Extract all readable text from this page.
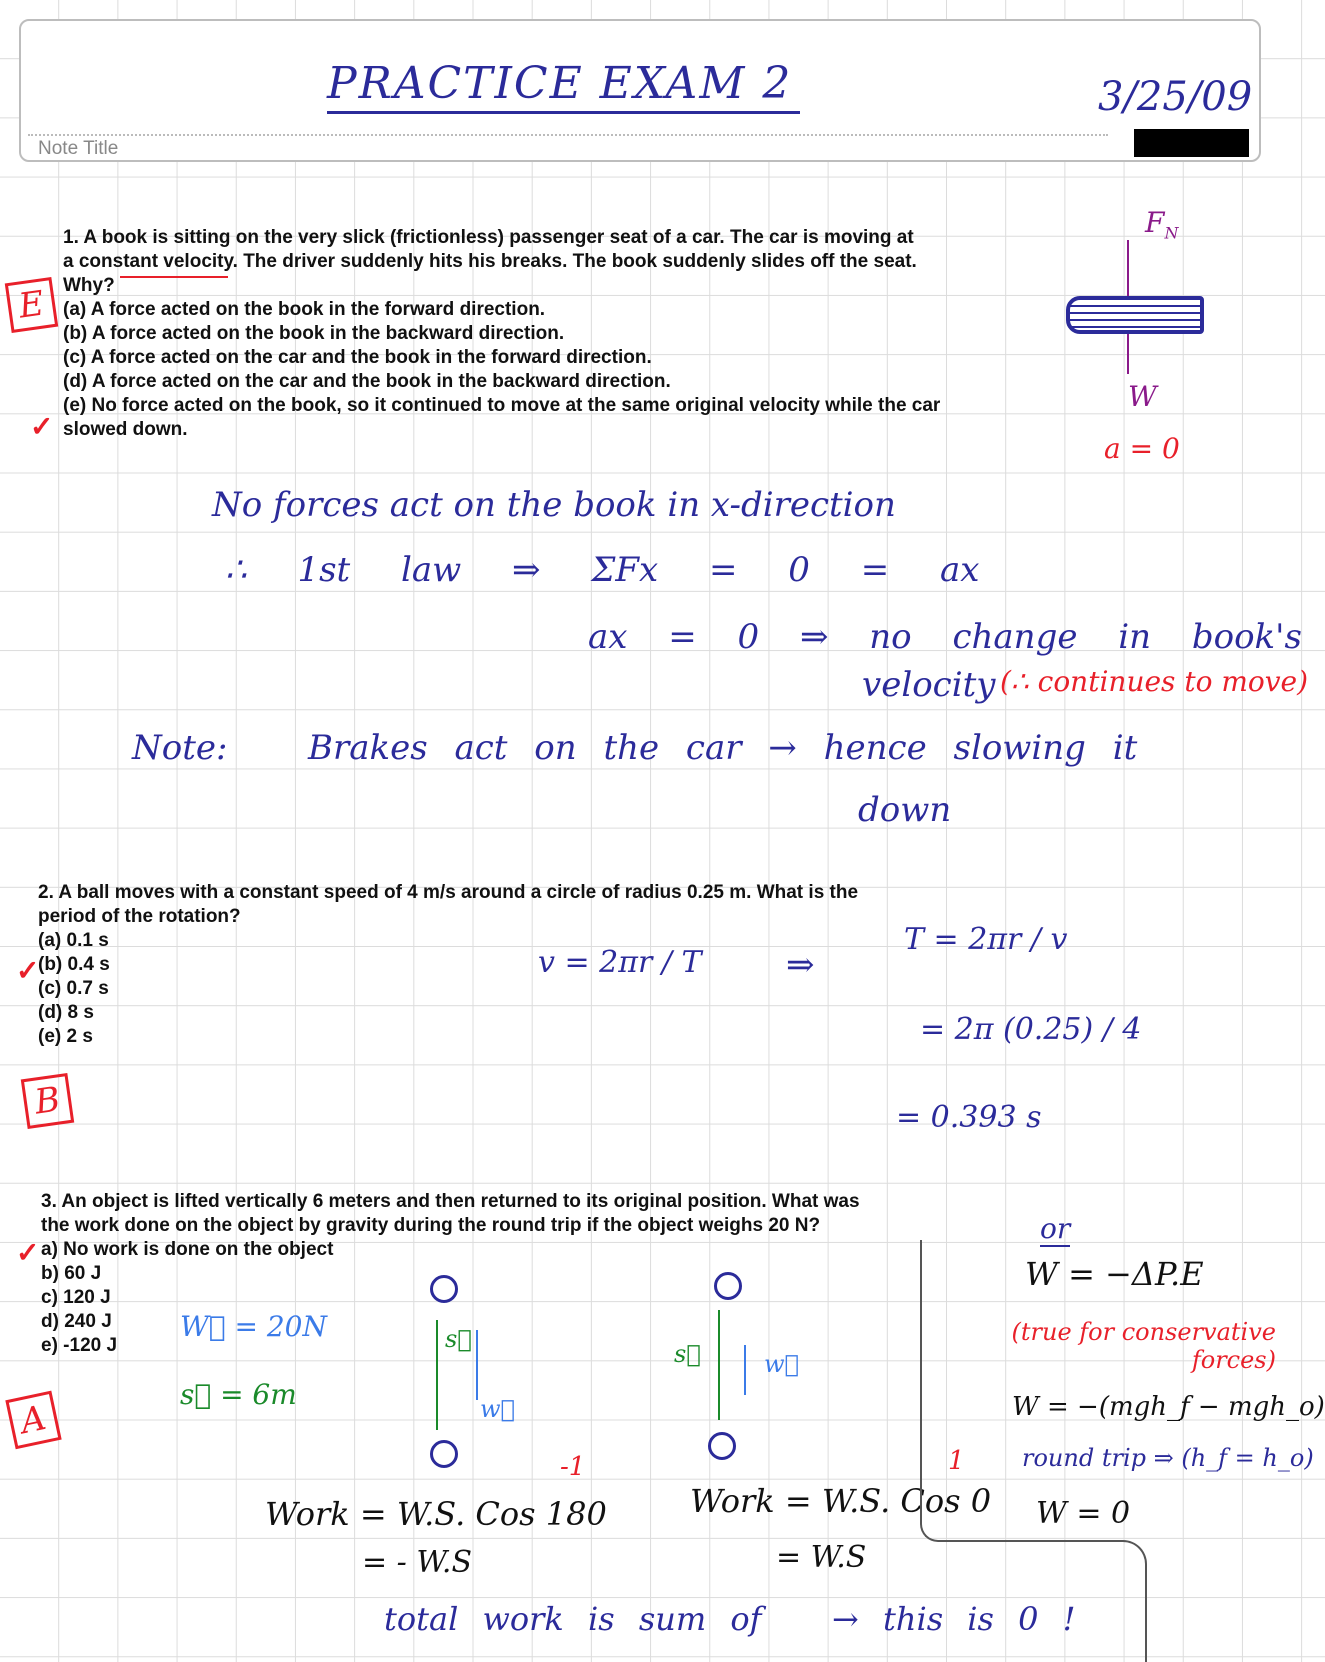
Note Title
PRACTICE EXAM 2	3/25/09
1. A book is sitting on the very slick (frictionless) passenger seat of a car. The car is moving at
a constant velocity. The driver suddenly hits his breaks. The book suddenly slides off the seat.
Why?
(a) A force acted on the book in the forward direction.
(b) A force acted on the book in the backward direction.
(c) A force acted on the car and the book in the forward direction.
(d) A force acted on the car and the book in the backward direction.
(e) No force acted on the book, so it continued to move at the same original velocity while the car
slowed down.
E
✓
$F_N$
W
a = 0
No forces act on the book in x-direction
∴ 1st law ⇒ ΣFx = 0 = ax
ax = 0 ⇒ no change in book's
velocity (∴ continues to move)
Note: Brakes act on the car → hence slowing it
down
2. A ball moves with a constant speed of 4 m/s around a circle of radius 0.25 m. What is the
period of the rotation?
(a) 0.1 s
(b) 0.4 s
(c) 0.7 s
(d) 8 s
(e) 2 s
✓
B
v = 2πr / T ⇒
T = 2πr / v
= 2π (0.25) / 4
= 0.393 s
3. An object is lifted vertically 6 meters and then returned to its original position. What was
the work done on the object by gravity during the round trip if the object weighs 20 N?
a) No work is done on the object
b) 60 J
c) 120 J
d) 240 J
e) -120 J
✓
A
W⃗ = 20N
s⃗ = 6m
s⃗
w⃗
s⃗	w⃗
Work = W.S. Cos 180
= - W.S
-1
Work = W.S. Cos 0
= W.S
1
total work is sum of → this is 0 !
or
W = −ΔP.E
(true for conservative forces)
W = −(mgh_f − mgh_o)
round trip ⇒ (h_f = h_o)
W = 0
